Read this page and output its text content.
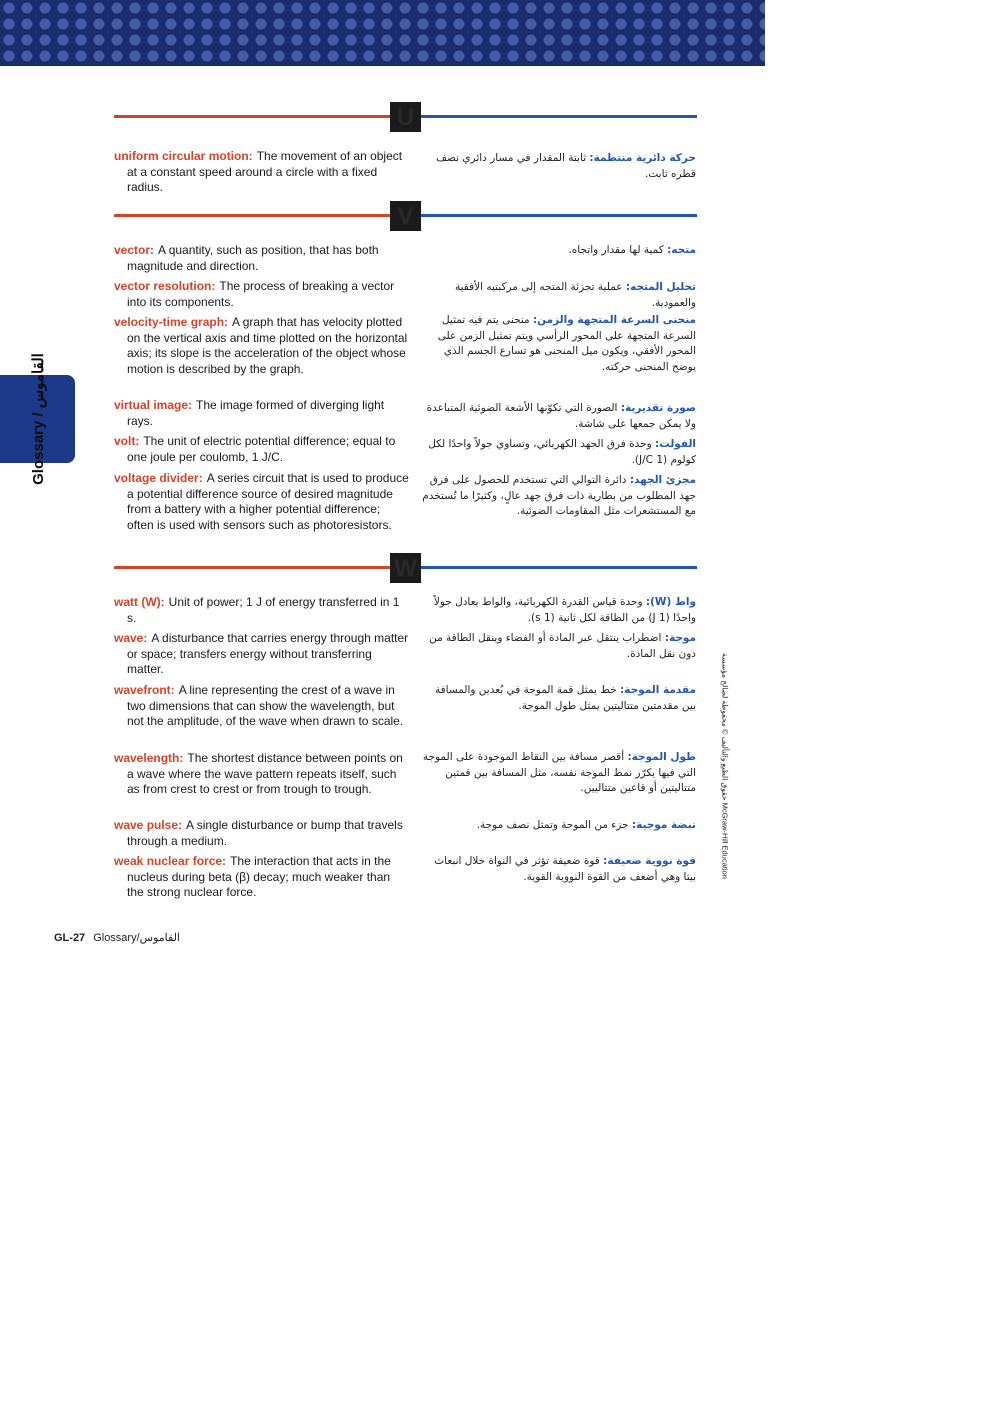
Glossary / القاموس
U
uniform circular motion: The movement of an object at a constant speed around a circle with a fixed radius.
حركة دائرية منتظمة: ثابتة المقدار في مسار دائري نصف قطره ثابت.
V
vector: A quantity, such as position, that has both magnitude and direction.
متجه: كمية لها مقدار واتجاه.
vector resolution: The process of breaking a vector into its components.
تحليل المتجه: عملية تجزئة المتجه إلى مركبتيه الأفقية والعمودية.
velocity-time graph: A graph that has velocity plotted on the vertical axis and time plotted on the horizontal axis; its slope is the acceleration of the object whose motion is described by the graph.
منحنى السرعة المتجهة والزمن: منحنى يتم فيه تمثيل السرعة المتجهة على المحور الرأسي ويتم تمثيل الزمن على المحور الأفقي، ويكون ميل المنحنى هو تسارع الجسم الذي يوضح المنحنى حركته.
virtual image: The image formed of diverging light rays.
صورة تقديرية: الصورة التي تكوّنها الأشعة الضوئية المتباعدة ولا يمكن جمعها على شاشة.
volt: The unit of electric potential difference; equal to one joule per coulomb, 1 J/C.
الفولت: وحدة فرق الجهد الكهربائي، وتساوي جولاً واحدًا لكل كولوم (1 J/C).
voltage divider: A series circuit that is used to produce a potential difference source of desired magnitude from a battery with a higher potential difference; often is used with sensors such as photoresistors.
مجزئ الجهد: دائرة التوالي التي تستخدم للحصول على فرق جهد المطلوب من بطارية ذات فرق جهد عالٍ، وكثيرًا ما تُستخدم مع المستشعرات مثل المقاومات الضوئية.
W
watt (W): Unit of power; 1 J of energy transferred in 1 s.
واط (W): وحدة قياس القدرة الكهربائية، والواط يعادل جولاً واحدًا (1 J) من الطاقة لكل ثانية (1 s).
wave: A disturbance that carries energy through matter or space; transfers energy without transferring matter.
موجة: اضطراب ينتقل عبر المادة أو الفضاء وينقل الطاقة من دون نقل المادة.
wavefront: A line representing the crest of a wave in two dimensions that can show the wavelength, but not the amplitude, of the wave when drawn to scale.
مقدمة الموجة: خط يمثل قمة الموجة في بُعدين والمسافة بين مقدمتين متتاليتين يمثل طول الموجة.
wavelength: The shortest distance between points on a wave where the wave pattern repeats itself, such as from crest to crest or from trough to trough.
طول الموجة: أقصر مسافة بين النقاط الموجودة على الموجة التي فيها يكرّر نمط الموجة نفسه، مثل المسافة بين قمتين متتاليتين أو قاعين متتاليين.
wave pulse: A single disturbance or bump that travels through a medium.
نبضة موجية: جزء من الموجة وتمثل نصف موجة.
weak nuclear force: The interaction that acts in the nucleus during beta (β) decay; much weaker than the strong nuclear force.
قوة نووية ضعيفة: قوة ضعيفة تؤثر في النواة خلال انبعاث بيتا وهي أضعف من القوة النووية القوية.
حقوق الطبع والتأليف © محفوظة لصالح مؤسسة McGraw-Hill Education
GL-27 Glossary/القاموس
